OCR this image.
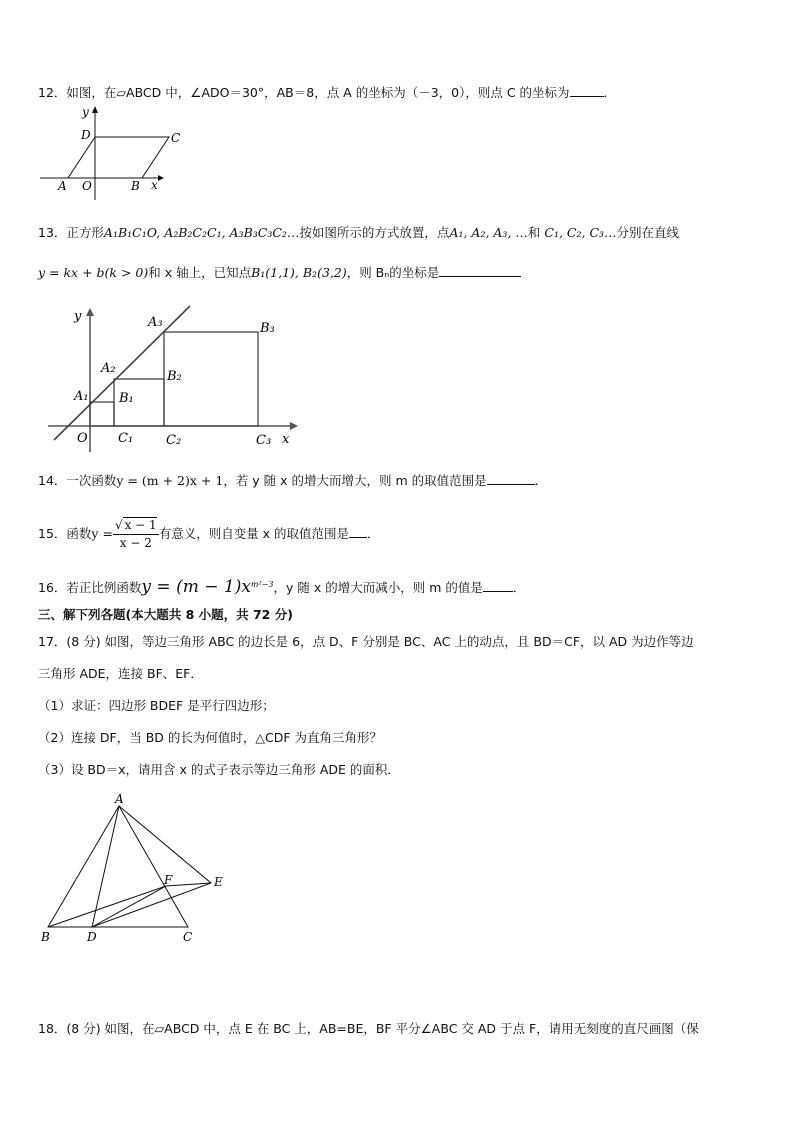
12．如图，在▱ABCD 中，∠ADO＝30°，AB＝8，点 A 的坐标为（－3，0），则点 C 的坐标为	．
y
D	C
A O	B x
13．正方形A₁B₁C₁O, A₂B₂C₂C₁, A₃B₃C₃C₂…按如图所示的方式放置，点A₁, A₂, A₃, …和 C₁, C₂, C₃…分别在直线
y = kx + b(k > 0)和 x 轴上，已知点B₁(1,1), B₂(3,2)，则 Bₙ的坐标是
y	A₃	B₃
A₂
B₂
A₁ B₁
O C₁	C₂	C₃ x
14．一次函数y = (m + 2)x + 1，若 y 随 x 的增大而增大，则 m 的取值范围是	.
15．函数$y = \frac{√ x - 1}{x - 2}$ 有意义，则自变量 x 的取值范围是 ．
16．若正比例函数$y = (m - 1)x^{m^2-3}$，y 随 x 的增大而减小，则 m 的值是 ．
三、解下列各题(本大题共 8 小题，共 72 分)
17．(8 分) 如图，等边三角形 ABC 的边长是 6，点 D、F 分别是 BC、AC 上的动点，且 BD＝CF，以 AD 为边作等边
三角形 ADE，连接 BF、EF．
（1）求证：四边形 BDEF 是平行四边形；
（2）连接 DF，当 BD 的长为何值时，△CDF 为直角三角形？
（3）设 BD＝x，请用含 x 的式子表示等边三角形 ADE 的面积．
A
F	E
B	D	C
18．(8 分) 如图，在▱ABCD 中，点 E 在 BC 上，AB=BE，BF 平分∠ABC 交 AD 于点 F，请用无刻度的直尺画图（保
